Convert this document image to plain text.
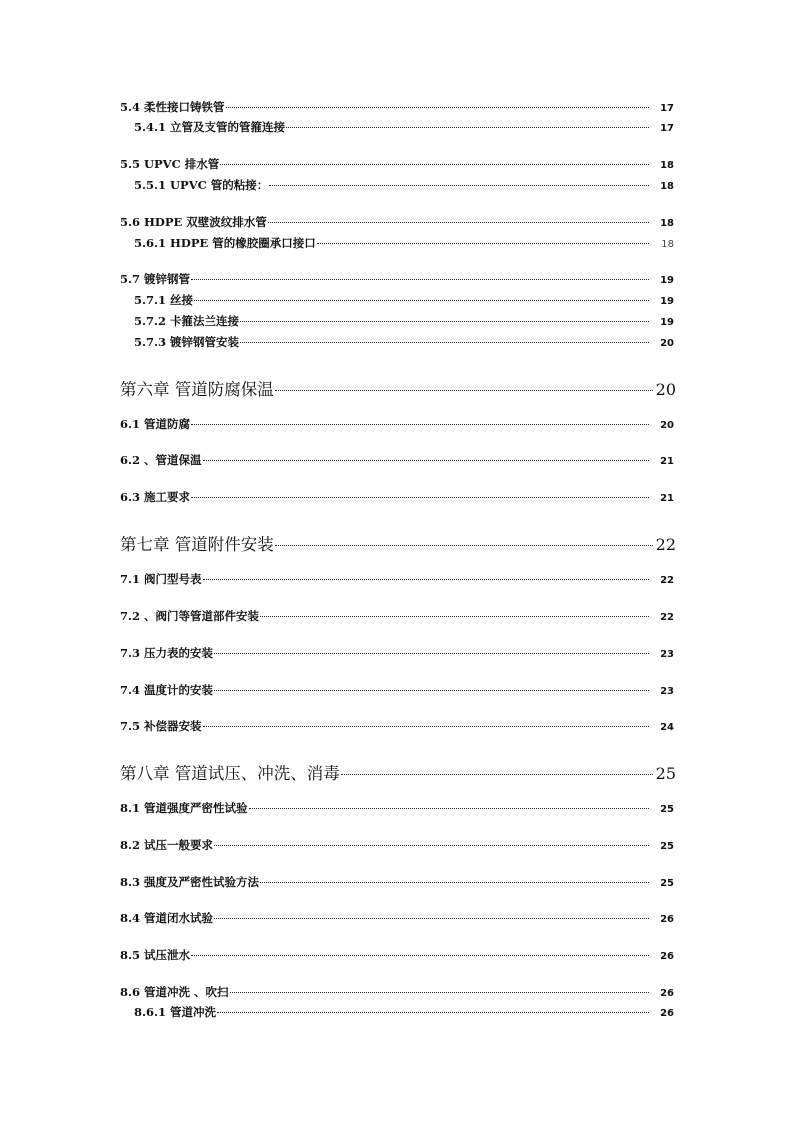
5.4 柔性接口铸铁管	17
5.4.1 立管及支管的管箍连接	17
5.5 UPVC 排水管	18
5.5.1 UPVC 管的粘接：	18
5.6 HDPE 双壁波纹排水管	18
5.6.1 HDPE 管的橡胶圈承口接口	18
5.7 镀锌钢管	19
5.7.1 丝接	19
5.7.2 卡箍法兰连接	19
5.7.3 镀锌钢管安装	20
第六章 管道防腐保温	20
6.1 管道防腐	20
6.2 、管道保温	21
6.3 施工要求	21
第七章 管道附件安装	22
7.1 阀门型号表	22
7.2 、阀门等管道部件安装	22
7.3 压力表的安装	23
7.4 温度计的安装	23
7.5 补偿器安装	24
第八章 管道试压、冲洗、消毒	25
8.1 管道强度严密性试验	25
8.2 试压一般要求	25
8.3 强度及严密性试验方法	25
8.4 管道闭水试验	26
8.5 试压泄水	26
8.6 管道冲洗 、吹扫	26
8.6.1 管道冲洗	26
